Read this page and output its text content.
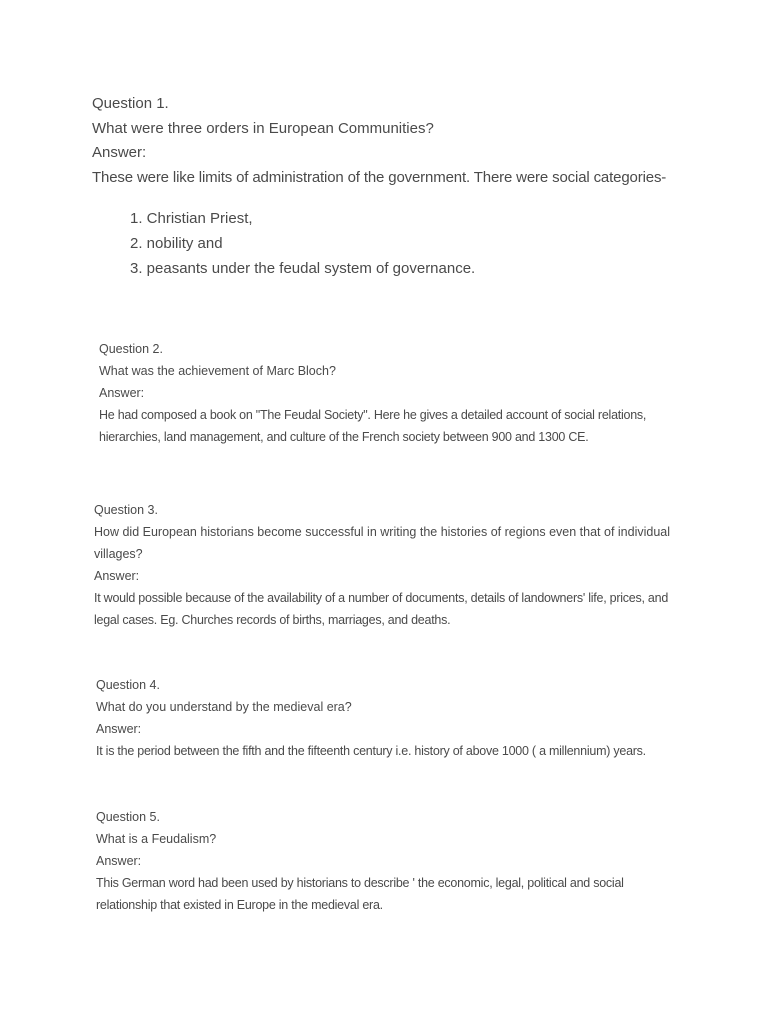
Question 1.

What were three orders in European Communities?

Answer:

These were like limits of administration of the government. There were social categories-

1. Christian Priest,
2. nobility and
3. peasants under the feudal system of governance.

Question 2.

What was the achievement of Marc Bloch?

Answer:

He had composed a book on "The Feudal Society". Here he gives a detailed account of social relations, hierarchies, land management, and culture of the French society between 900 and 1300 CE.

Question 3.

How did European historians become successful in writing the histories of regions even that of individual villages?

Answer:

It would possible because of the availability of a number of documents, details of landowners' life, prices, and legal cases. Eg. Churches records of births, marriages, and deaths.

Question 4.

What do you understand by the medieval era?

Answer:

It is the period between the fifth and the fifteenth century i.e. history of above 1000 ( a millennium) years.

Question 5.

What is a Feudalism?

Answer:

This German word had been used by historians to describe ' the economic, legal, political and social relationship that existed in Europe in the medieval era.
